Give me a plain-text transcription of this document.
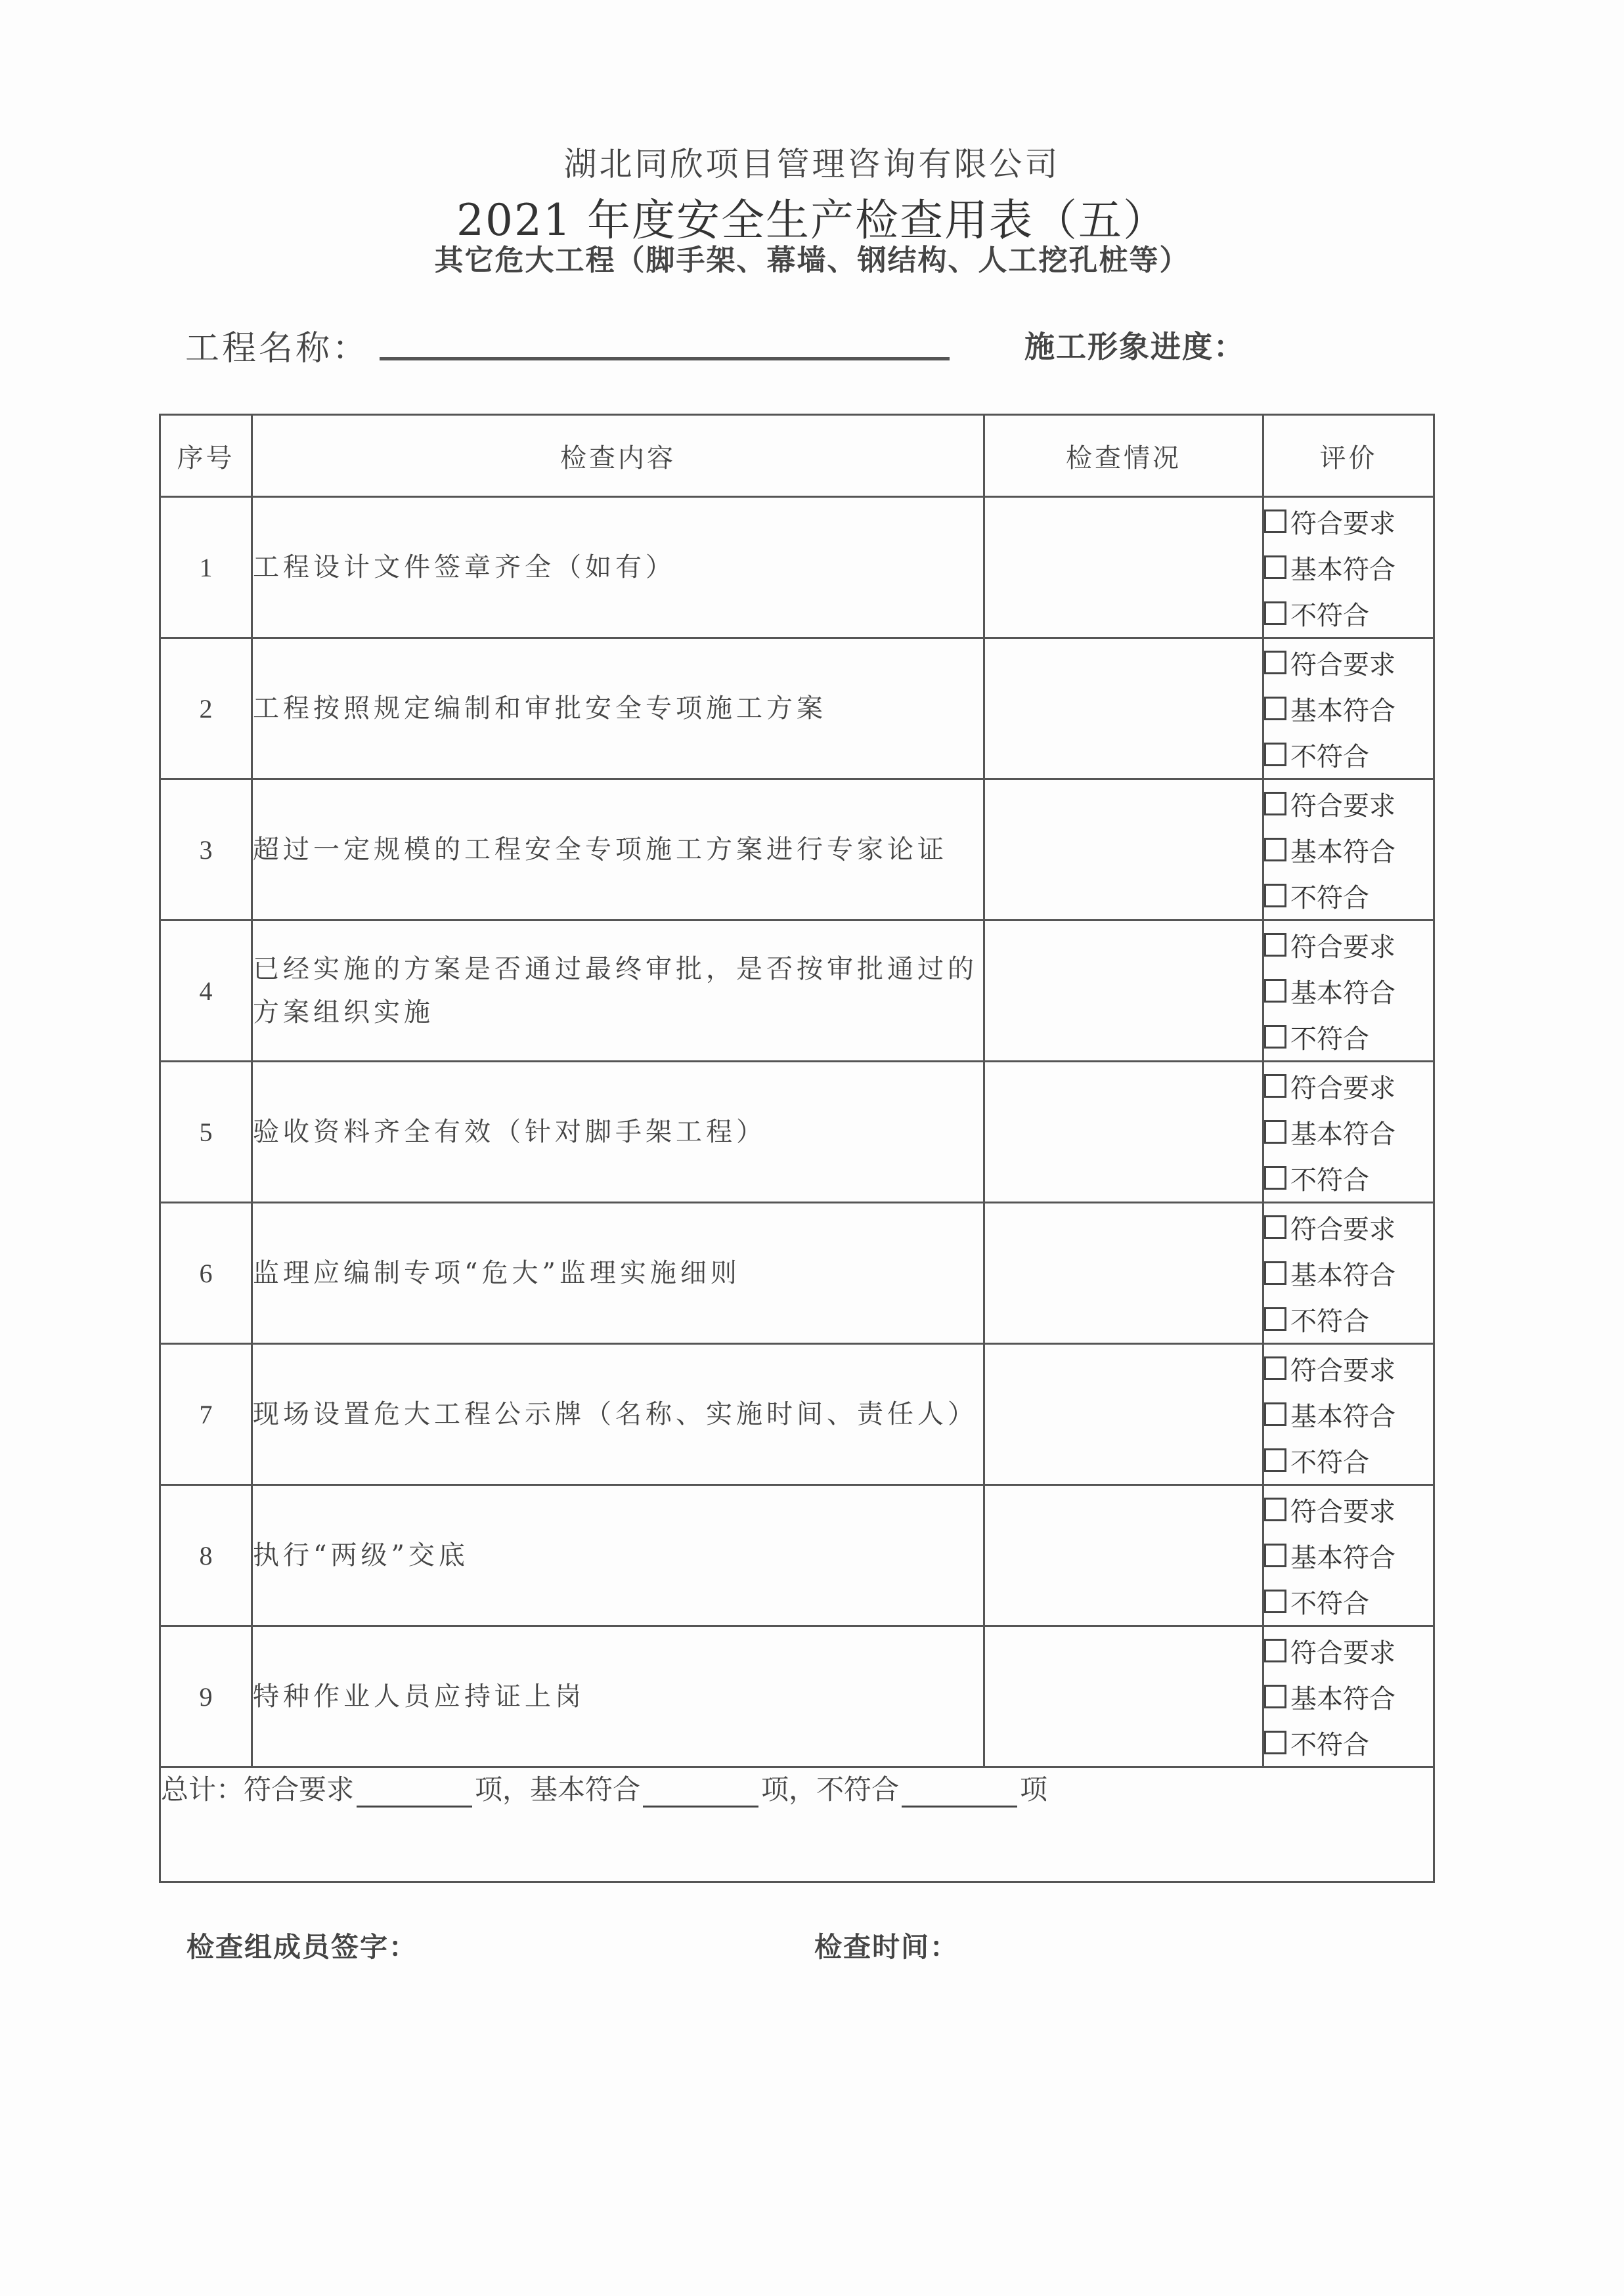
湖北同欣项目管理咨询有限公司
2021 年度安全生产检查用表（五）
其它危大工程（脚手架、幕墙、钢结构、人工挖孔桩等）
工程名称：	施工形象进度：
序号	检查内容	检查情况	评价
1	工程设计文件签章齐全（如有）		符合要求
基本符合
不符合

2	工程按照规定编制和审批安全专项施工方案		符合要求
基本符合
不符合

3	超过一定规模的工程安全专项施工方案进行专家论证		符合要求
基本符合
不符合

4	已经实施的方案是否通过最终审批，是否按审批通过的方案组织实施		符合要求
基本符合
不符合

5	验收资料齐全有效（针对脚手架工程）		符合要求
基本符合
不符合

6	监理应编制专项“危大”监理实施细则		符合要求
基本符合
不符合

7	现场设置危大工程公示牌（名称、实施时间、责任人）		符合要求
基本符合
不符合

8	执行“两级”交底		符合要求
基本符合
不符合

9	特种作业人员应持证上岗		符合要求
基本符合
不符合

总计：符合要求 项，基本符合 项，不符合 项			
检查组成员签字：	检查时间：
